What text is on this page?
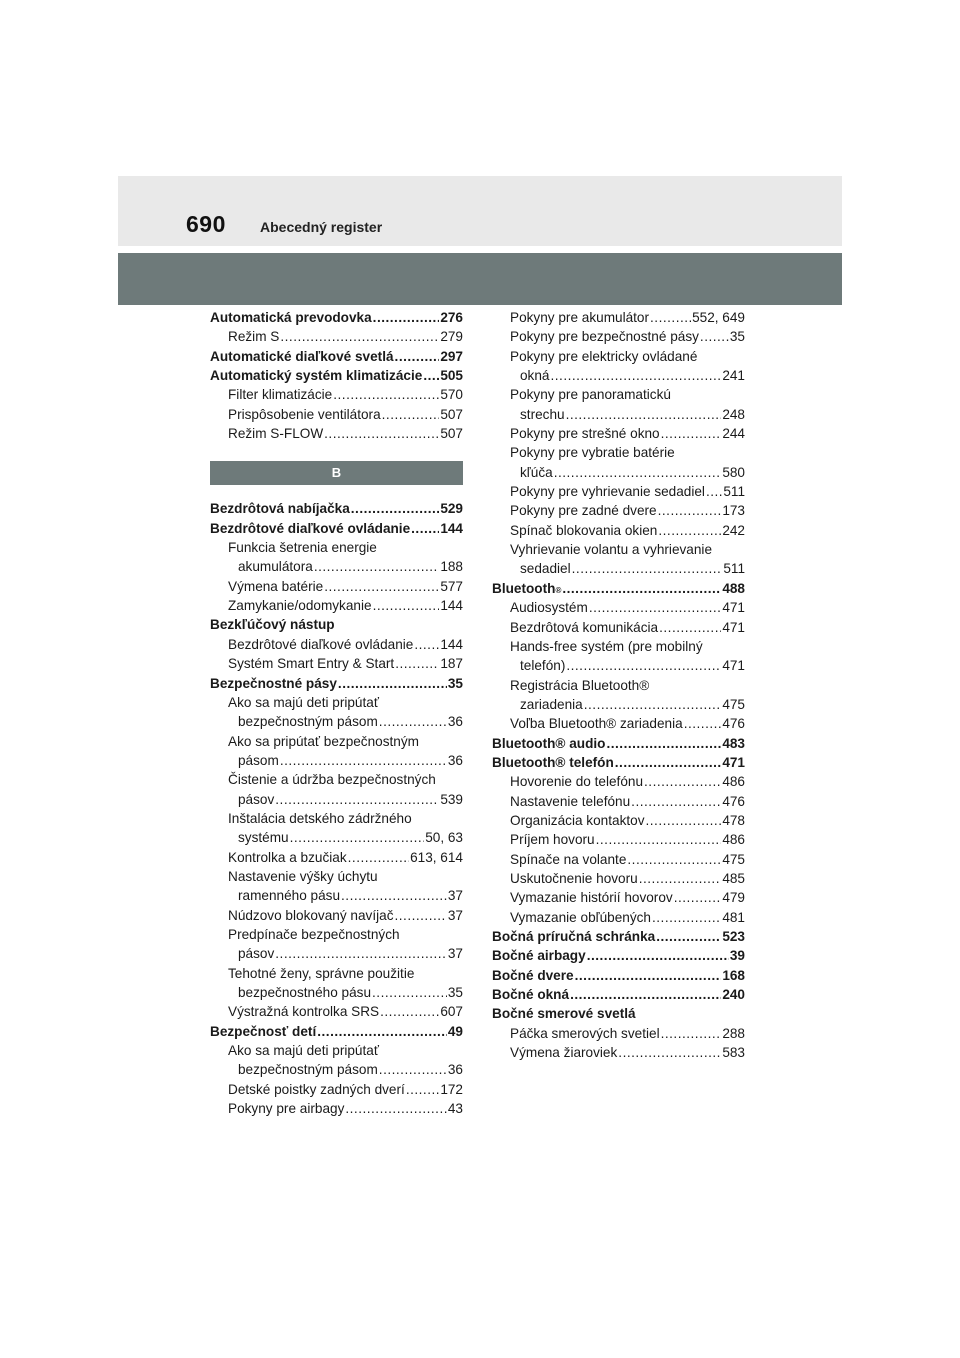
690 Abecedný register
Automatická prevodovka .....	276
Režim S .....	279
Automatické diaľkové svetlá .....	297
Automatický systém klimatizácie ..... 505
Filter klimatizácie .....	570
Prispôsobenie ventilátora .....	507
Režim S-FLOW .....	507
B
Bezdrôtová nabíjačka .....	529
Bezdrôtové diaľkové ovládanie ..... 144
Funkcia šetrenia energie
akumulátora .....	188
Výmena batérie .....	577
Zamykanie/odomykanie .....	144
Bezkľúčový nástup
Bezdrôtové diaľkové ovládanie ..... 144
Systém Smart Entry & Start .....	187
Bezpečnostné pásy .....	35
Ako sa majú deti pripútať
bezpečnostným pásom .....	36
Ako sa pripútať bezpečnostným
pásom .....	36
Čistenie a údržba bezpečnostných
pásov .....	539
Inštalácia detského zádržného
systému .....	50, 63
Kontrolka a bzučiak .....	613, 614
Nastavenie výšky úchytu
ramenného pásu .....	37
Núdzovo blokovaný navíjač .....	37
Predpínače bezpečnostných
pásov .....	37
Tehotné ženy, správne použitie
bezpečnostného pásu .....	35
Výstražná kontrolka SRS .....	607
Bezpečnosť detí .....	49
Ako sa majú deti pripútať
bezpečnostným pásom .....	36
Detské poistky zadných dverí .....	172
Pokyny pre airbagy .....	43
Pokyny pre akumulátor .....	552, 649
Pokyny pre bezpečnostné pásy ..... 35
Pokyny pre elektricky ovládané
okná .....	241
Pokyny pre panoramatickú
strechu .....	248
Pokyny pre strešné okno .....	244
Pokyny pre vybratie batérie
kľúča .....	580
Pokyny pre vyhrievanie sedadiel ..... 511
Pokyny pre zadné dvere .....	173
Spínač blokovania okien .....	242
Vyhrievanie volantu a vyhrievanie
sedadiel .....	511
Bluetooth ® .....	488
Audiosystém .....	471
Bezdrôtová komunikácia .....	471
Hands-free systém (pre mobilný
telefón) .....	471
Registrácia Bluetooth®
zariadenia .....	475
Voľba Bluetooth® zariadenia .....	476
Bluetooth® audio .....	483
Bluetooth® telefón .....	471
Hovorenie do telefónu .....	486
Nastavenie telefónu .....	476
Organizácia kontaktov .....	478
Príjem hovoru .....	486
Spínače na volante .....	475
Uskutočnenie hovoru .....	485
Vymazanie histórií hovorov .....	479
Vymazanie obľúbených .....	481
Bočná príručná schránka .....	523
Bočné airbagy .....	39
Bočné dvere .....	168
Bočné okná .....	240
Bočné smerové svetlá
Páčka smerových svetiel .....	288
Výmena žiaroviek .....	583
